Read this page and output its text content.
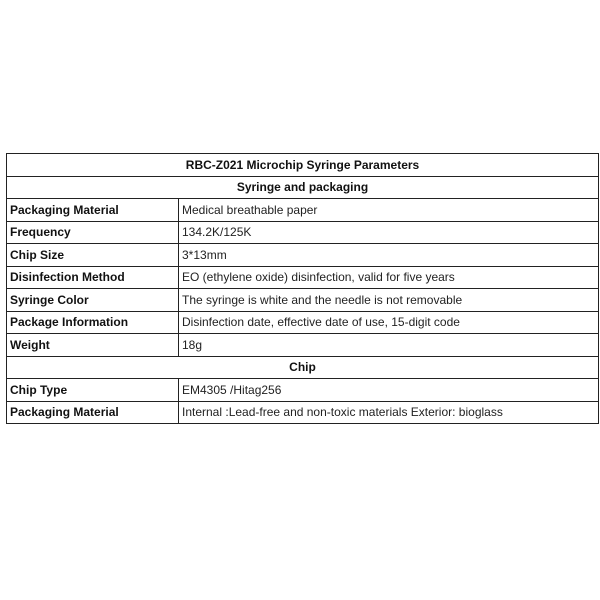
RBC-Z021 Microchip Syringe Parameters	
Syringe and packaging	
Packaging Material	Medical breathable paper
Frequency	134.2K/125K
Chip Size	3*13mm
Disinfection Method	EO (ethylene oxide) disinfection, valid for five years
Syringe Color	The syringe is white and the needle is not removable
Package Information	Disinfection date, effective date of use, 15-digit code
Weight	18g
Chip	
Chip Type	EM4305 /Hitag256
Packaging Material	Internal :Lead-free and non-toxic materials Exterior: bioglass
